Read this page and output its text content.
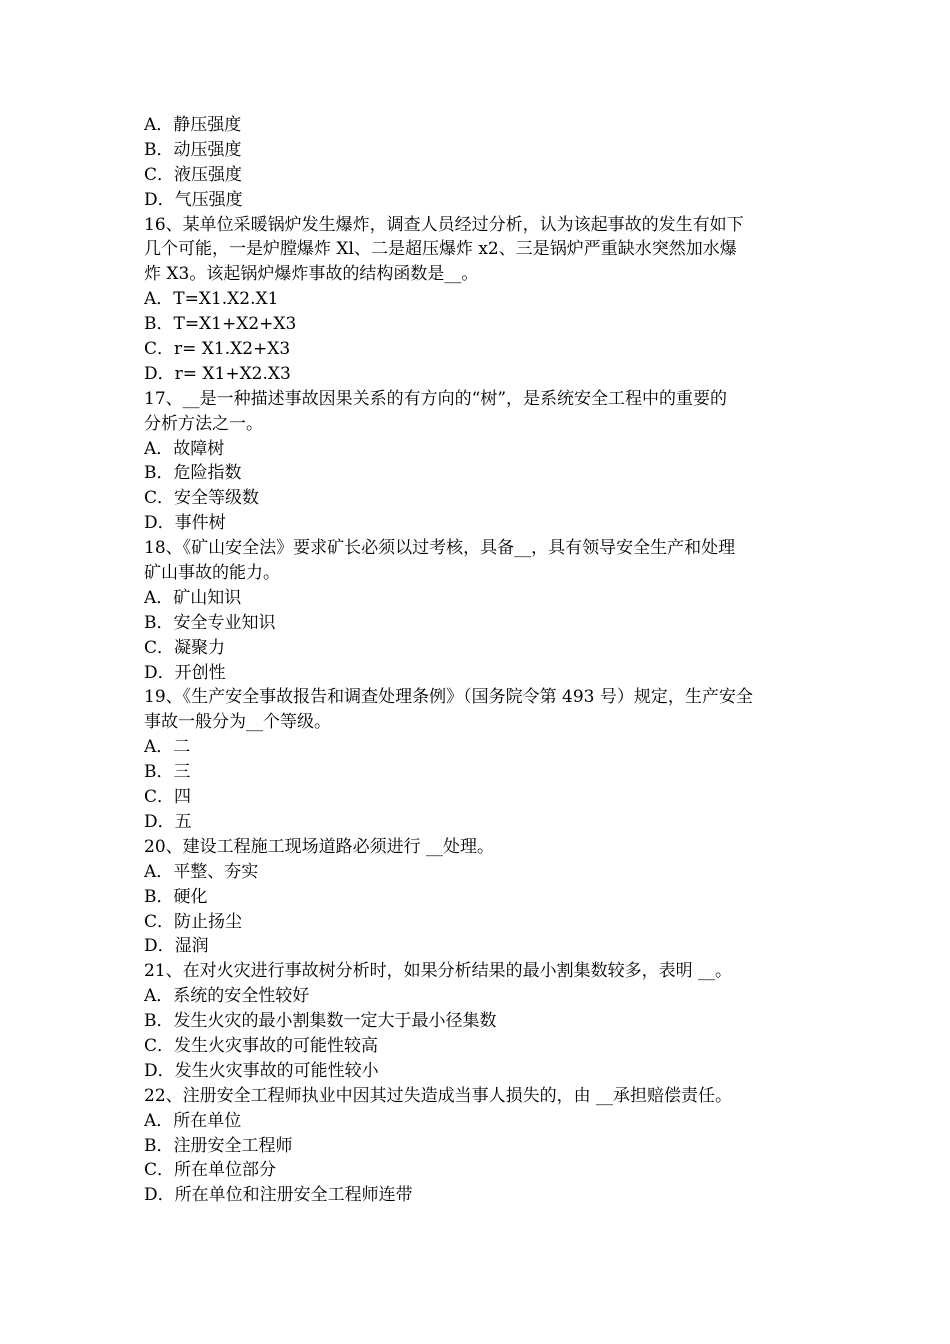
A．静压强度
B．动压强度
C．液压强度
D．气压强度
16、某单位采暖锅炉发生爆炸，调查人员经过分析，认为该起事故的发生有如下
几个可能，一是炉膛爆炸 Xl、二是超压爆炸 x2、三是锅炉严重缺水突然加水爆
炸 X3。该起锅炉爆炸事故的结构函数是__。
A．T=X1.X2.X1
B．T=X1+X2+X3
C．r= X1.X2+X3
D．r= X1+X2.X3
17、__是一种描述事故因果关系的有方向的“树”，是系统安全工程中的重要的
分析方法之一。
A．故障树
B．危险指数
C．安全等级数
D．事件树
18、《矿山安全法》要求矿长必须以过考核，具备__，具有领导安全生产和处理
矿山事故的能力。
A．矿山知识
B．安全专业知识
C．凝聚力
D．开创性
19、《生产安全事故报告和调查处理条例》（国务院令第 493 号）规定，生产安全
事故一般分为__个等级。
A．二
B．三
C．四
D．五
20、建设工程施工现场道路必须进行 __处理。
A．平整、夯实
B．硬化
C．防止扬尘
D．湿润
21、在对火灾进行事故树分析时，如果分析结果的最小割集数较多，表明 __。
A．系统的安全性较好
B．发生火灾的最小割集数一定大于最小径集数
C．发生火灾事故的可能性较高
D．发生火灾事故的可能性较小
22、注册安全工程师执业中因其过失造成当事人损失的，由 __承担赔偿责任。
A．所在单位
B．注册安全工程师
C．所在单位部分
D．所在单位和注册安全工程师连带
